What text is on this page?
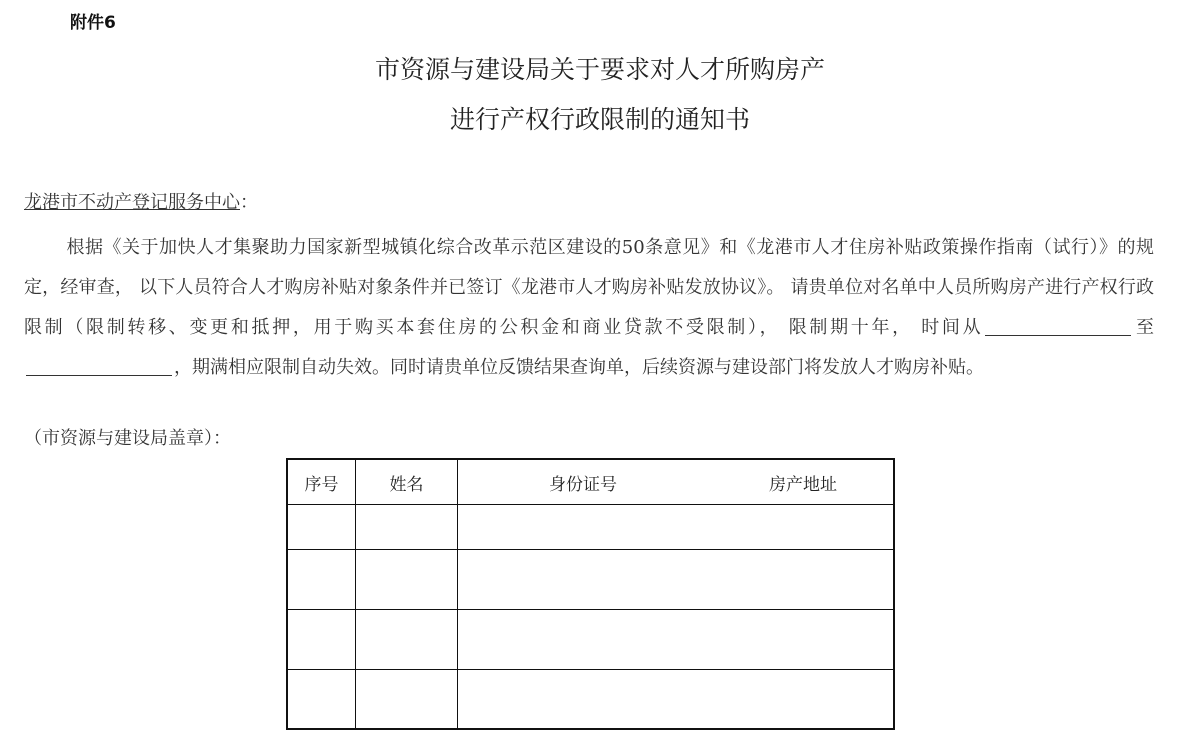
附件6
市资源与建设局关于要求对人才所购房产
进行产权行政限制的通知书
龙港市不动产登记服务中心：
根据《关于加快人才集聚助力国家新型城镇化综合改革示范区建设的50条意见》和《龙港市人才住房补贴政策操作指南（试行）》的规定，经审查， 以下人员符合人才购房补贴对象条件并已签订《龙港市人才购房补贴发放协议》。 请贵单位对名单中人员所购房产进行产权行政限制（限制转移、变更和抵押，用于购买本套住房的公积金和商业贷款不受限制）， 限制期十年， 时间从	至，期满相应限制自动失效。同时请贵单位反馈结果查询单，后续资源与建设部门将发放人才购房补贴。
（市资源与建设局盖章）：
序号	姓名	身份证号 房产地址
